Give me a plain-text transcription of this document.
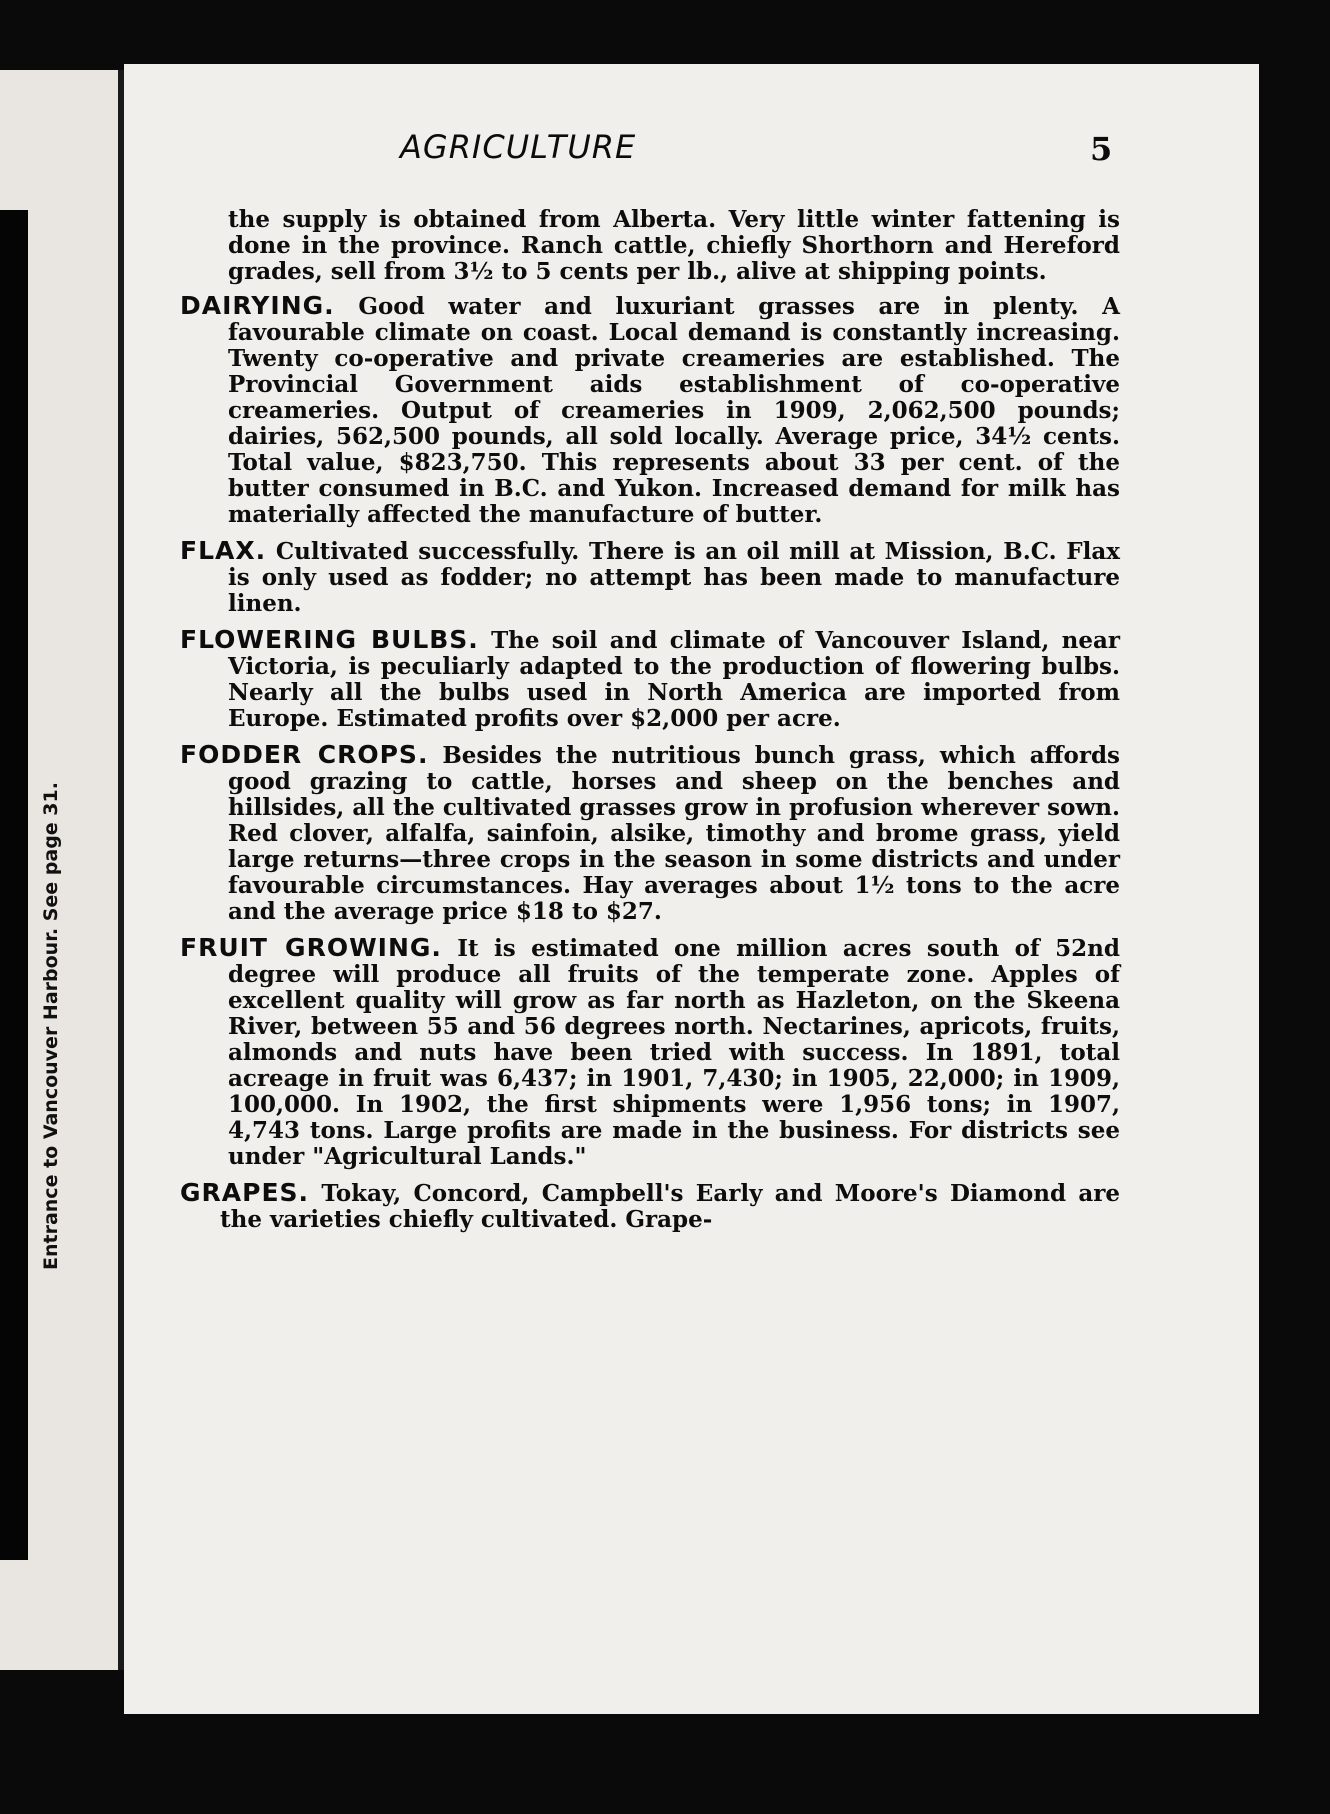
Entrance to Vancouver Harbour. See page 31.
AGRICULTURE	5

the supply is obtained from Alberta. Very little winter fattening is done in the province. Ranch cattle, chiefly Shorthorn and Hereford grades, sell from 3½ to 5 cents per lb., alive at shipping points.

DAIRYING. Good water and luxuriant grasses are in plenty. A favourable climate on coast. Local demand is constantly increasing. Twenty co-operative and private creameries are established. The Provincial Government aids establishment of co-operative creameries. Output of creameries in 1909, 2,062,500 pounds; dairies, 562,500 pounds, all sold locally. Average price, 34½ cents. Total value, $823,750. This represents about 33 per cent. of the butter consumed in B.C. and Yukon. Increased demand for milk has materially affected the manufacture of butter.

FLAX. Cultivated successfully. There is an oil mill at Mission, B.C. Flax is only used as fodder; no attempt has been made to manufacture linen.

FLOWERING BULBS. The soil and climate of Vancouver Island, near Victoria, is peculiarly adapted to the production of flowering bulbs. Nearly all the bulbs used in North America are imported from Europe. Estimated profits over $2,000 per acre.

FODDER CROPS. Besides the nutritious bunch grass, which affords good grazing to cattle, horses and sheep on the benches and hillsides, all the cultivated grasses grow in profusion wherever sown. Red clover, alfalfa, sainfoin, alsike, timothy and brome grass, yield large returns—three crops in the season in some districts and under favourable circumstances. Hay averages about 1½ tons to the acre and the average price $18 to $27.

FRUIT GROWING. It is estimated one million acres south of 52nd degree will produce all fruits of the temperate zone. Apples of excellent quality will grow as far north as Hazleton, on the Skeena River, between 55 and 56 degrees north. Nectarines, apricots, fruits, almonds and nuts have been tried with success. In 1891, total acreage in fruit was 6,437; in 1901, 7,430; in 1905, 22,000; in 1909, 100,000. In 1902, the first shipments were 1,956 tons; in 1907, 4,743 tons. Large profits are made in the business. For districts see under "Agricultural Lands."

GRAPES. Tokay, Concord, Campbell's Early and Moore's Diamond are the varieties chiefly cultivated. Grape-
